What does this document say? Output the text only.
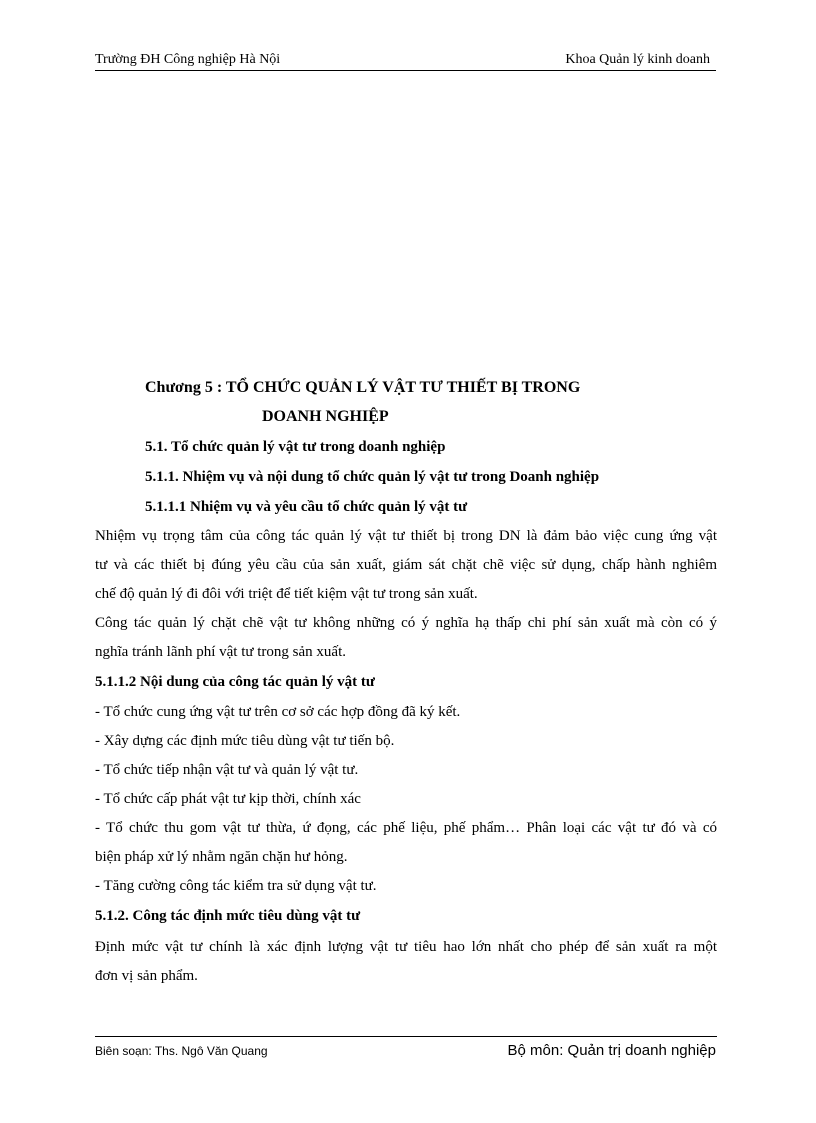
Trường ĐH Công nghiệp Hà Nội	Khoa Quản lý kinh doanh
Chương 5 : TỔ CHỨC QUẢN LÝ VẬT TƯ THIẾT BỊ TRONG
DOANH NGHIỆP
5.1. Tổ chức quản lý vật tư trong doanh nghiệp
5.1.1. Nhiệm vụ và nội dung tổ chức quản lý vật tư trong Doanh nghiệp
5.1.1.1 Nhiệm vụ và yêu cầu tổ chức quản lý vật tư
Nhiệm vụ trọng tâm của công tác quản lý vật tư thiết bị trong DN là đảm bảo việc cung ứng vật
tư và các thiết bị đúng yêu cầu của sản xuất, giám sát chặt chẽ việc sử dụng, chấp hành nghiêm
chế độ quản lý đi đôi với triệt để tiết kiệm vật tư trong sản xuất.
Công tác quản lý chặt chẽ vật tư không những có ý nghĩa hạ thấp chi phí sản xuất mà còn có ý
nghĩa tránh lãnh phí vật tư trong sản xuất.
5.1.1.2 Nội dung của công tác quản lý vật tư
- Tổ chức cung ứng vật tư trên cơ sở các hợp đồng đã ký kết.
- Xây dựng các định mức tiêu dùng vật tư tiến bộ.
- Tổ chức tiếp nhận vật tư và quản lý vật tư.
- Tổ chức cấp phát vật tư kịp thời, chính xác
- Tổ chức thu gom vật tư thừa, ứ đọng, các phế liệu, phế phẩm… Phân loại các vật tư đó và có
biện pháp xử lý nhằm ngăn chặn hư hỏng.
- Tăng cường công tác kiểm tra sử dụng vật tư.
5.1.2. Công tác định mức tiêu dùng vật tư
Định mức vật tư chính là xác định lượng vật tư tiêu hao lớn nhất cho phép để sản xuất ra một
đơn vị sản phẩm.
Biên soạn: Ths. Ngô Văn Quang	Bộ môn: Quản trị doanh nghiệp
